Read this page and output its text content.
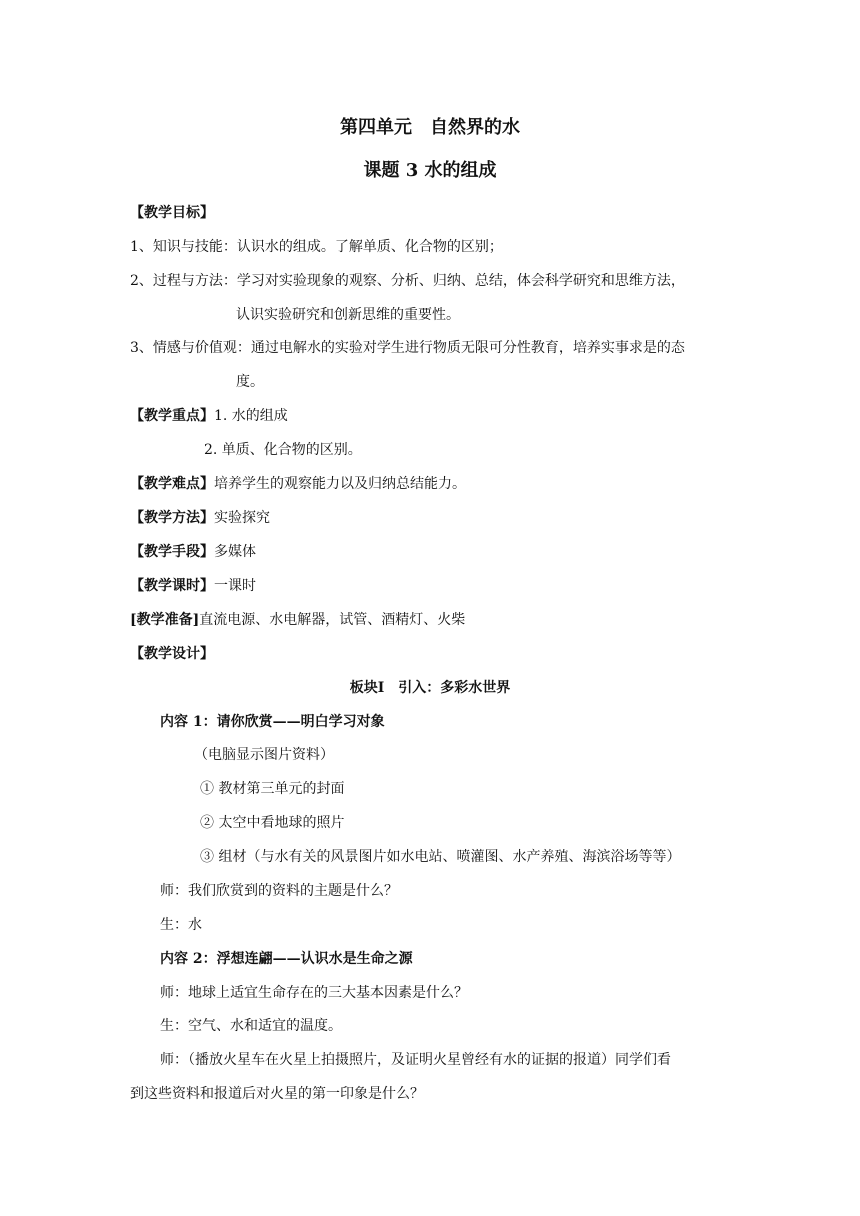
第四单元　自然界的水
课题 3 水的组成
【教学目标】
1、知识与技能：认识水的组成。了解单质、化合物的区别；
2、过程与方法：学习对实验现象的观察、分析、归纳、总结，体会科学研究和思维方法，
认识实验研究和创新思维的重要性。
3、情感与价值观：通过电解水的实验对学生进行物质无限可分性教育，培养实事求是的态
度。
【教学重点】1. 水的组成
2. 单质、化合物的区别。
【教学难点】培养学生的观察能力以及归纳总结能力。
【教学方法】实验探究
【教学手段】多媒体
【教学课时】一课时
[教学准备]直流电源、水电解器，试管、酒精灯、火柴
【教学设计】
板块Ⅰ　引入：多彩水世界
内容 1：请你欣赏——明白学习对象
（电脑显示图片资料）
① 教材第三单元的封面
② 太空中看地球的照片
③ 组材（与水有关的风景图片如水电站、喷灌图、水产养殖、海滨浴场等等）
师：我们欣赏到的资料的主题是什么？
生：水
内容 2：浮想连翩——认识水是生命之源
师：地球上适宜生命存在的三大基本因素是什么？
生：空气、水和适宜的温度。
师：（播放火星车在火星上拍摄照片，及证明火星曾经有水的证据的报道）同学们看
到这些资料和报道后对火星的第一印象是什么？
